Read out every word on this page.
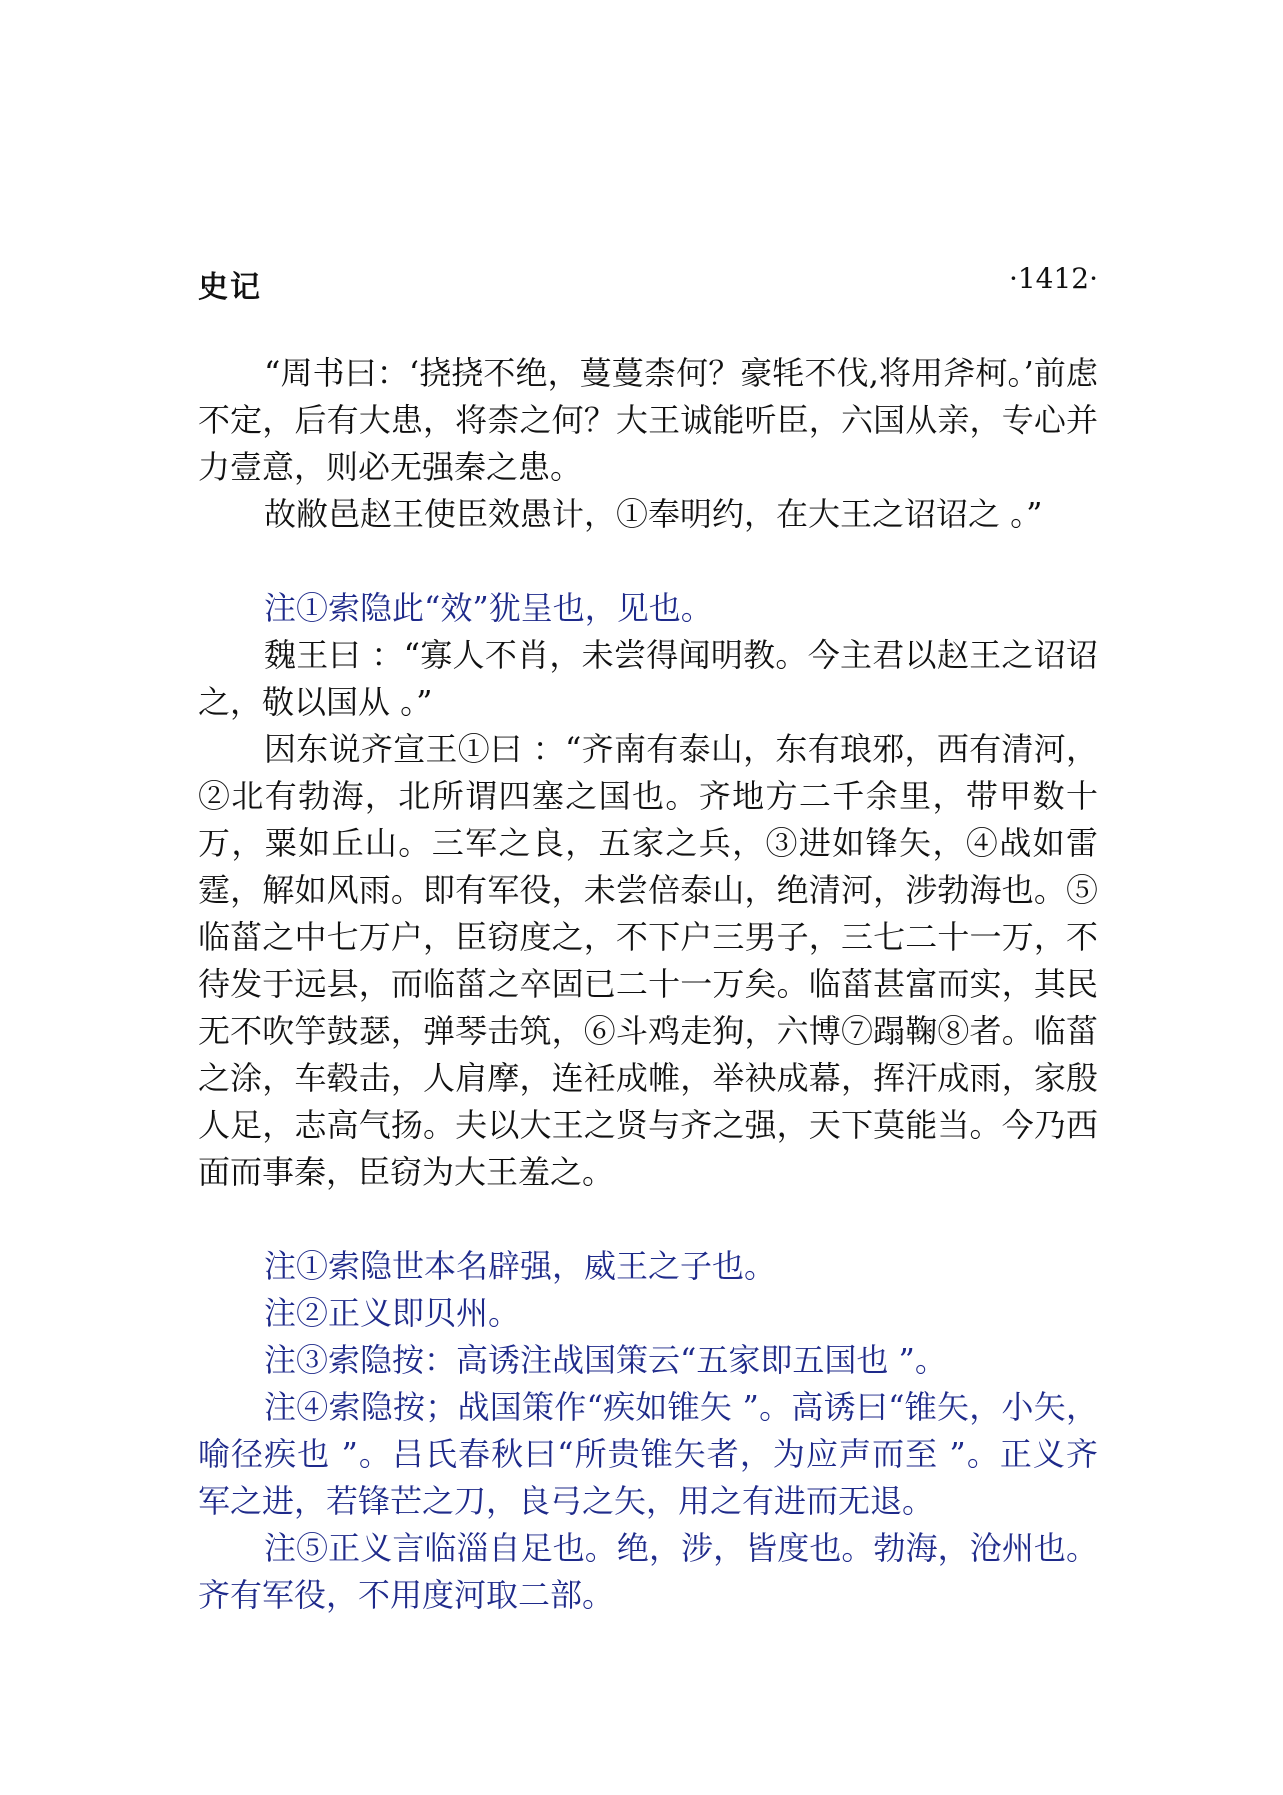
史记	·1412·

“周书曰：‘挠挠不绝，蔓蔓柰何？豪牦不伐,将用斧柯。’前虑不定，后有大患，将柰之何？大王诚能听臣，六国从亲，专心并力壹意，则必无强秦之患。

故敝邑赵王使臣效愚计，①奉明约，在大王之诏诏之 。”

注①索隐此“效”犹呈也，见也。

魏王曰 ：“寡人不肖，未尝得闻明教。今主君以赵王之诏诏之，敬以国从 。”

因东说齐宣王①曰 ：“齐南有泰山，东有琅邪，西有清河，②北有勃海，北所谓四塞之国也。齐地方二千余里，带甲数十万，粟如丘山。三军之良，五家之兵，③进如锋矢，④战如雷霆，解如风雨。即有军役，未尝倍泰山，绝清河，涉勃海也。⑤临菑之中七万户，臣窃度之，不下户三男子，三七二十一万，不待发于远县，而临菑之卒固已二十一万矣。临菑甚富而实，其民无不吹竽鼓瑟，弹琴击筑，⑥斗鸡走狗，六博⑦蹋鞠⑧者。临菑之涂，车毂击，人肩摩，连衽成帷，举袂成幕，挥汗成雨，家殷人足，志高气扬。夫以大王之贤与齐之强，天下莫能当。今乃西面而事秦，臣窃为大王羞之。

注①索隐世本名辟强，威王之子也。

注②正义即贝州。

注③索隐按：高诱注战国策云“五家即五国也 ”。

注④索隐按；战国策作“疾如锥矢 ”。高诱曰“锥矢，小矢，喻径疾也 ”。吕氏春秋曰“所贵锥矢者，为应声而至 ”。正义齐军之进，若锋芒之刀，良弓之矢，用之有进而无退。

注⑤正义言临淄自足也。绝，涉，皆度也。勃海，沧州也。齐有军役，不用度河取二部。
